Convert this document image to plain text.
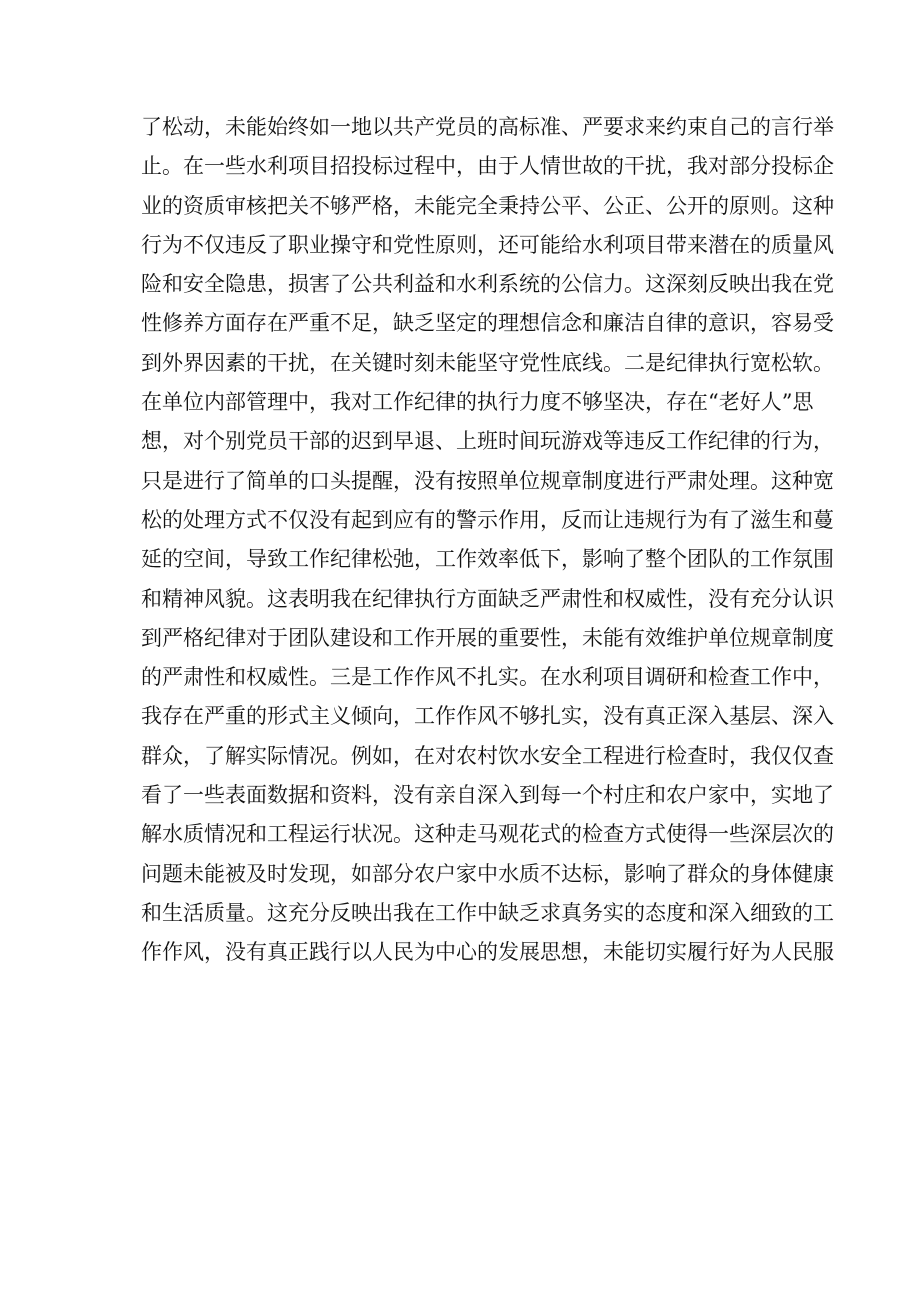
了松动，未能始终如一地以共产党员的高标准、严要求来约束自己的言行举
止。在一些水利项目招投标过程中，由于人情世故的干扰，我对部分投标企
业的资质审核把关不够严格，未能完全秉持公平、公正、公开的原则。这种
行为不仅违反了职业操守和党性原则，还可能给水利项目带来潜在的质量风
险和安全隐患，损害了公共利益和水利系统的公信力。这深刻反映出我在党
性修养方面存在严重不足，缺乏坚定的理想信念和廉洁自律的意识，容易受
到外界因素的干扰，在关键时刻未能坚守党性底线。二是纪律执行宽松软。
在单位内部管理中，我对工作纪律的执行力度不够坚决，存在“老好人”思
想，对个别党员干部的迟到早退、上班时间玩游戏等违反工作纪律的行为，
只是进行了简单的口头提醒，没有按照单位规章制度进行严肃处理。这种宽
松的处理方式不仅没有起到应有的警示作用，反而让违规行为有了滋生和蔓
延的空间，导致工作纪律松弛，工作效率低下，影响了整个团队的工作氛围
和精神风貌。这表明我在纪律执行方面缺乏严肃性和权威性，没有充分认识
到严格纪律对于团队建设和工作开展的重要性，未能有效维护单位规章制度
的严肃性和权威性。三是工作作风不扎实。在水利项目调研和检查工作中，
我存在严重的形式主义倾向，工作作风不够扎实，没有真正深入基层、深入
群众，了解实际情况。例如，在对农村饮水安全工程进行检查时，我仅仅查
看了一些表面数据和资料，没有亲自深入到每一个村庄和农户家中，实地了
解水质情况和工程运行状况。这种走马观花式的检查方式使得一些深层次的
问题未能被及时发现，如部分农户家中水质不达标，影响了群众的身体健康
和生活质量。这充分反映出我在工作中缺乏求真务实的态度和深入细致的工
作作风，没有真正践行以人民为中心的发展思想，未能切实履行好为人民服
